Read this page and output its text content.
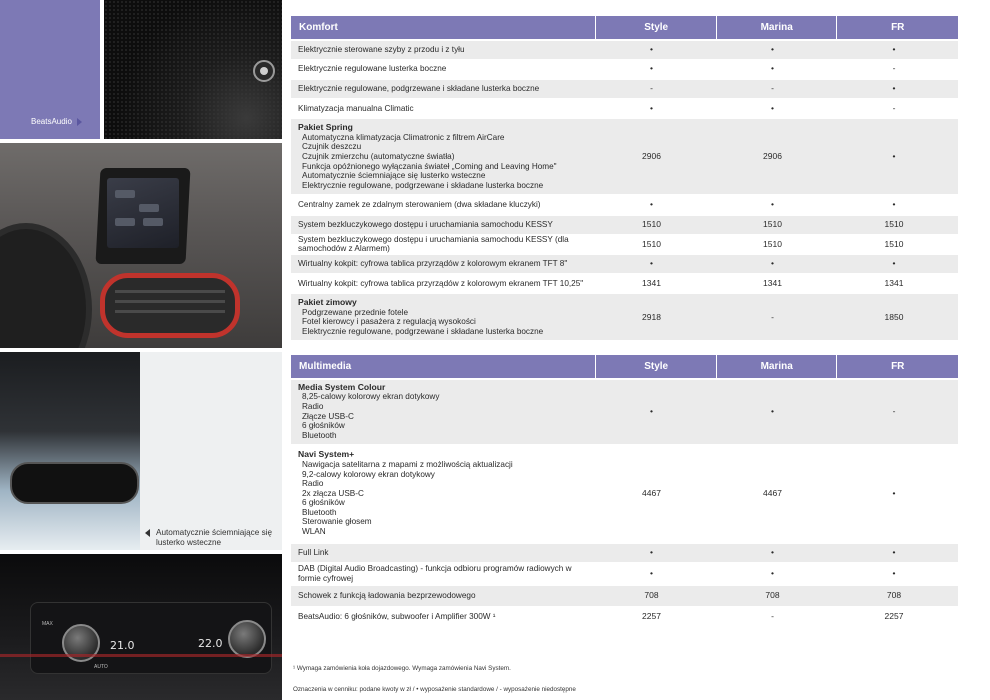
BeatsAudio
Automatycznie ściemniające się lusterko wsteczne
21.0	22.0
AUTO
MAX
Komfort	Style	Marina	FR
Elektrycznie sterowane szyby z przodu i z tyłu	•	•	•
Elektrycznie regulowane lusterka boczne	•	•	-
Elektrycznie regulowane, podgrzewane i składane lusterka boczne	-	-	•
Klimatyzacja manualna Climatic	•	•	-
Pakiet Spring
Automatyczna klimatyzacja Climatronic z filtrem AirCare
Czujnik deszczu
Czujnik zmierzchu (automatyczne światła)
Funkcja opóźnionego wyłączania świateł „Coming and Leaving Home"
Automatycznie ściemniające się lusterko wsteczne
Elektrycznie regulowane, podgrzewane i składane lusterka boczne
2906	2906	•
Centralny zamek ze zdalnym sterowaniem (dwa składane kluczyki)	•	•	•
System bezkluczykowego dostępu i uruchamiania samochodu KESSY	1510	1510	1510
System bezkluczykowego dostępu i uruchamiania samochodu KESSY (dla samochodów z Alarmem)
1510	1510	1510
Wirtualny kokpit: cyfrowa tablica przyrządów z kolorowym ekranem TFT 8"	•	•	•
Wirtualny kokpit: cyfrowa tablica przyrządów z kolorowym ekranem TFT 10,25"	1341	1341	1341
Pakiet zimowy
Podgrzewane przednie fotele
Fotel kierowcy i pasażera z regulacją wysokości
Elektrycznie regulowane, podgrzewane i składane lusterka boczne
2918	-	1850
Multimedia	Style	Marina	FR
Media System Colour
8,25-calowy kolorowy ekran dotykowy
Radio
Złącze USB-C
6 głośników
Bluetooth
•	•	-
Navi System+
Nawigacja satelitarna z mapami z możliwością aktualizacji
9,2-calowy kolorowy ekran dotykowy
Radio
2x złącza USB-C
6 głośników
Bluetooth
Sterowanie głosem
WLAN
4467	4467	•
Full Link	•	•	•
DAB (Digital Audio Broadcasting) - funkcja odbioru programów radiowych w formie cyfrowej
•	•	•
Schowek z funkcją ładowania bezprzewodowego	708	708	708
BeatsAudio: 6 głośników, subwoofer i Amplifier 300W ¹	2257	-	2257
¹ Wymaga zamówienia koła dojazdowego. Wymaga zamówienia Navi System.
Oznaczenia w cenniku: podane kwoty w zł / • wyposażenie standardowe / - wyposażenie niedostępne
